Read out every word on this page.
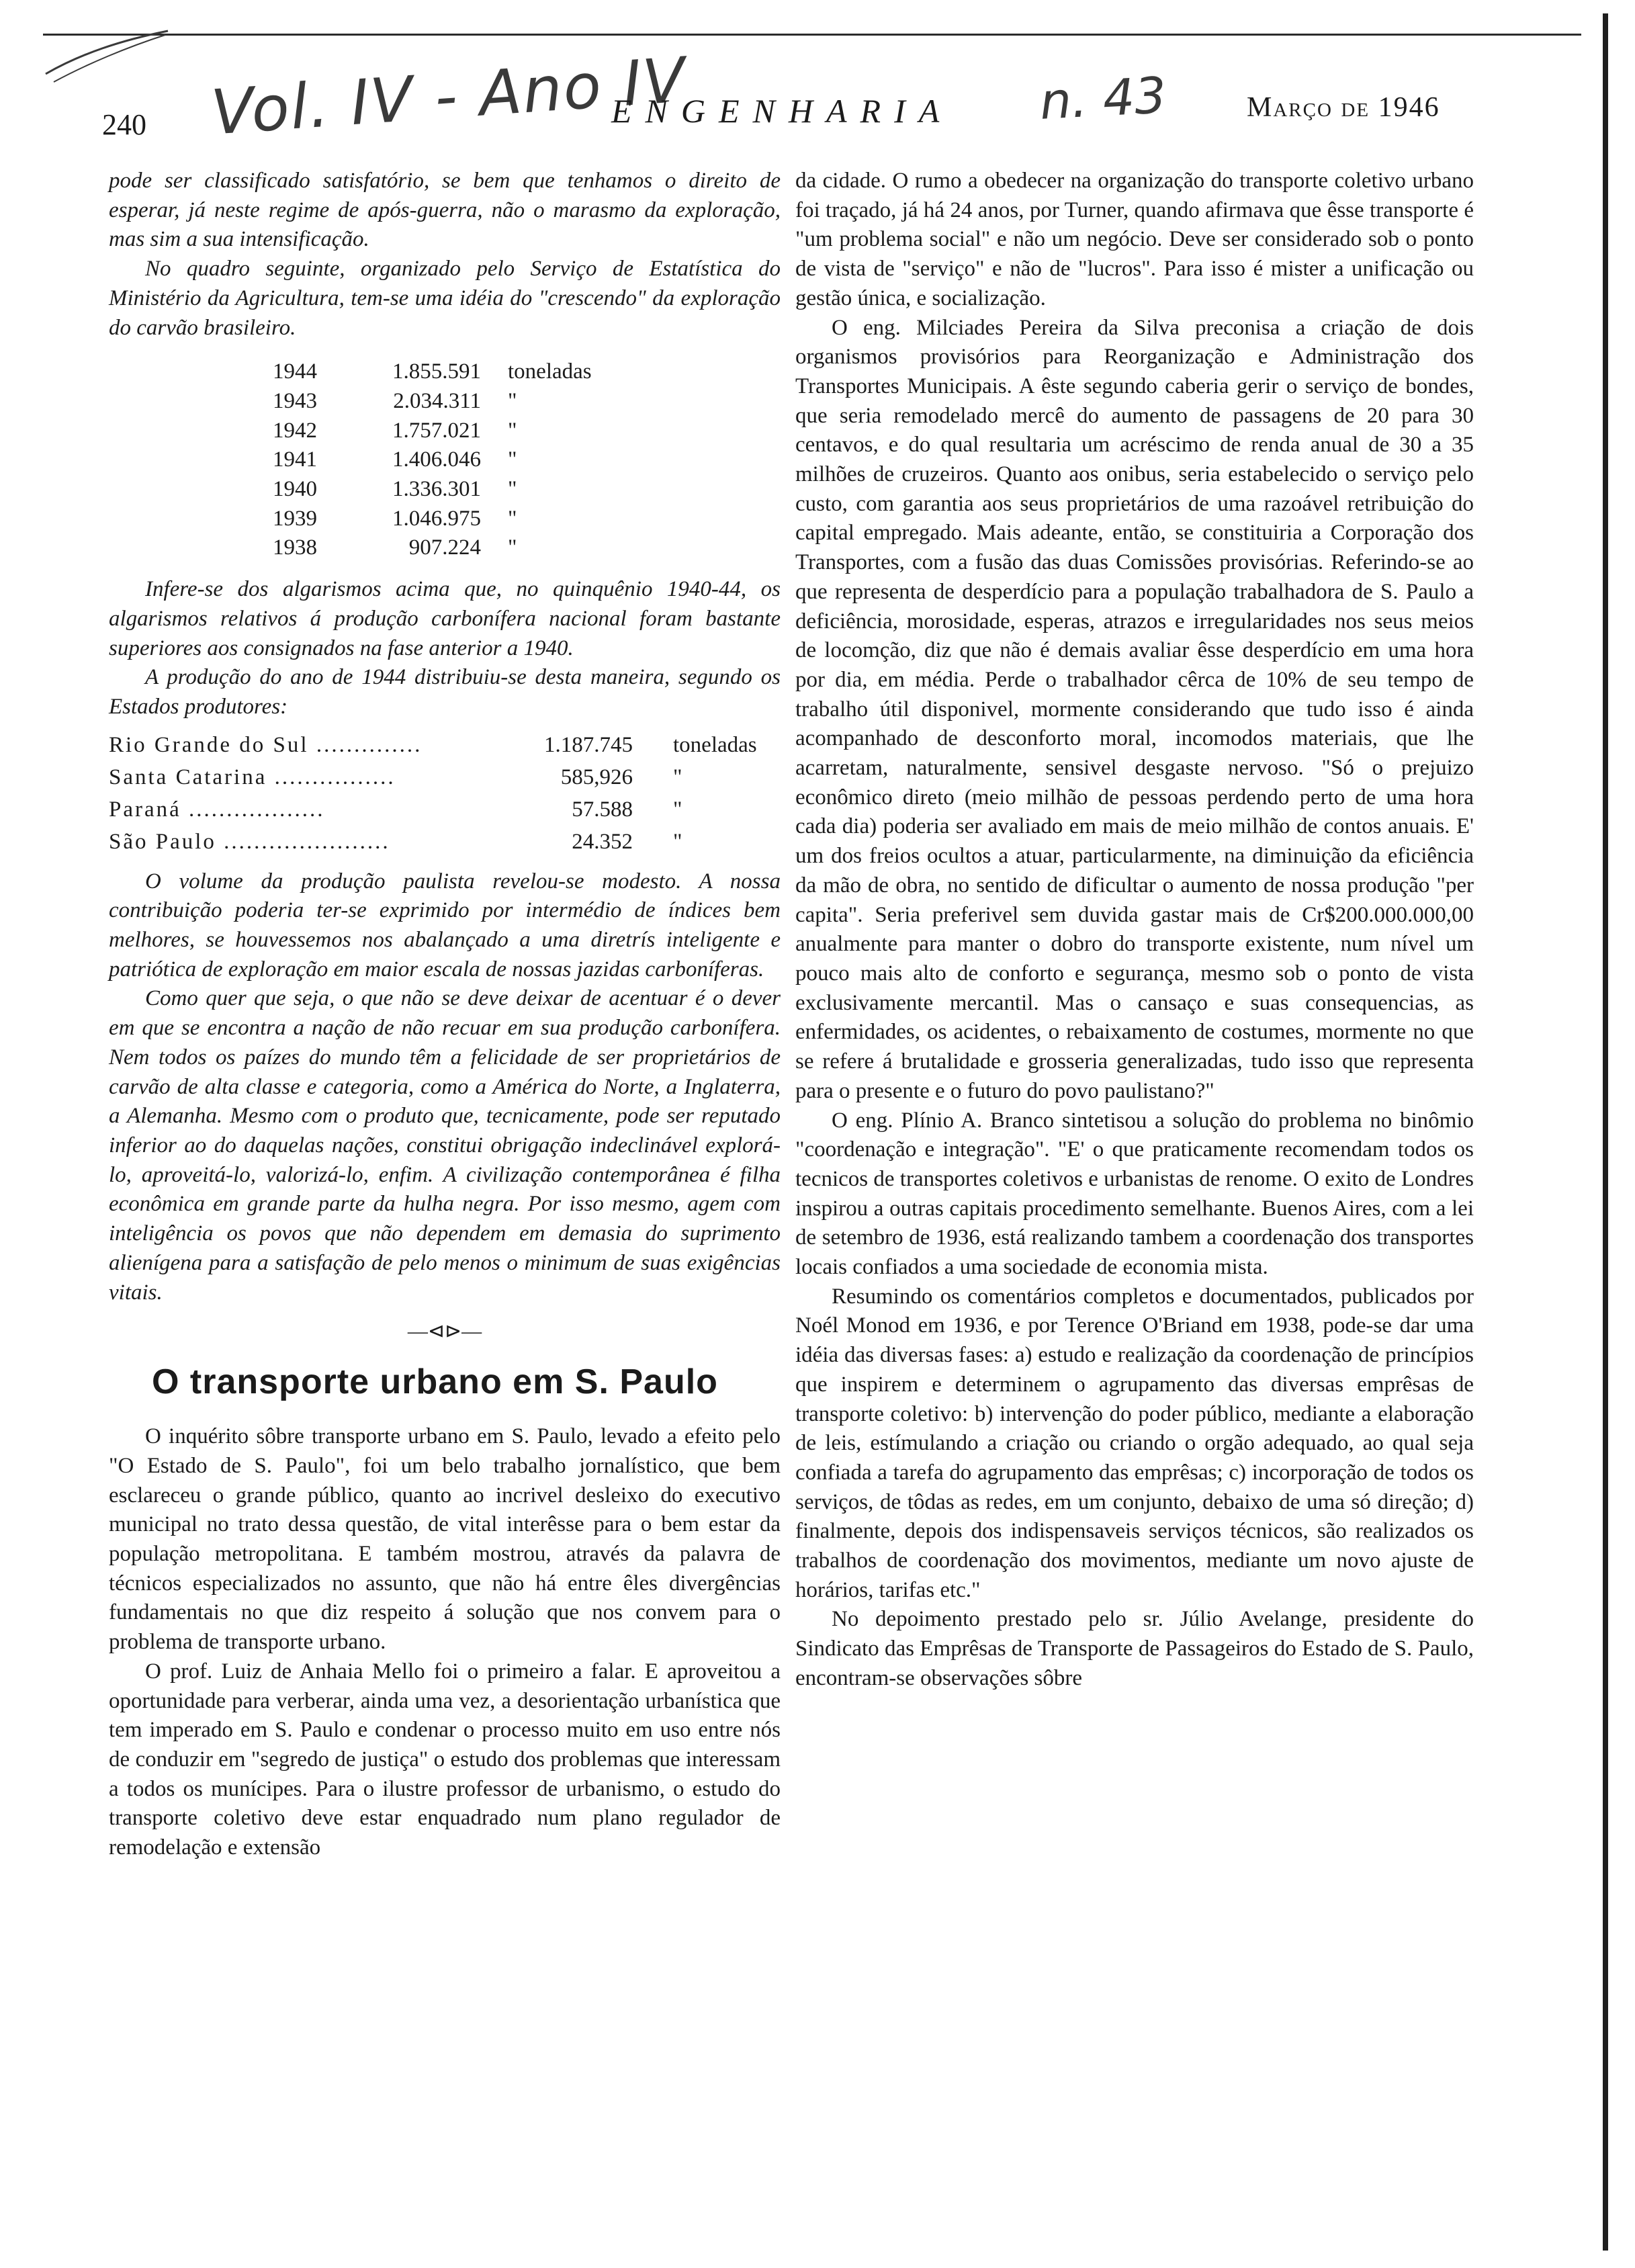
240 Vol. IV - Ano IV
ENGENHARIA n. 43	Março de 1946

pode ser classificado satisfatório, se bem que tenhamos o direito de esperar, já neste regime de após-guerra, não o marasmo da exploração, mas sim a sua intensificação.

No quadro seguinte, organizado pelo Serviço de Estatística do Ministério da Agricultura, tem-se uma idéia do "crescendo" da exploração do carvão brasileiro.

1944	1.855.591	toneladas
1943	2.034.311	"
1942	1.757.021	"
1941	1.406.046	"
1940	1.336.301	"
1939	1.046.975	"
1938	907.224	"

Infere-se dos algarismos acima que, no quinquênio 1940-44, os algarismos relativos á produção carbonífera nacional foram bastante superiores aos consignados na fase anterior a 1940.

A produção do ano de 1944 distribuiu-se desta maneira, segundo os Estados produtores:

Rio Grande do Sul ..............	1.187.745	toneladas
Santa Catarina ................	585,926	"
Paraná ..................	57.588	"
São Paulo ......................	24.352	"

O volume da produção paulista revelou-se modesto. A nossa contribuição poderia ter-se exprimido por intermédio de índices bem melhores, se houvessemos nos abalançado a uma diretrís inteligente e patriótica de exploração em maior escala de nossas jazidas carboníferas.

Como quer que seja, o que não se deve deixar de acentuar é o dever em que se encontra a nação de não recuar em sua produção carbonífera. Nem todos os paízes do mundo têm a felicidade de ser proprietários de carvão de alta classe e categoria, como a América do Norte, a Inglaterra, a Alemanha. Mesmo com o produto que, tecnicamente, pode ser reputado inferior ao do daquelas nações, constitui obrigação indeclinável explorá-lo, aproveitá-lo, valorizá-lo, enfim. A civilização contemporânea é filha econômica em grande parte da hulha negra. Por isso mesmo, agem com inteligência os povos que não dependem em demasia do suprimento alienígena para a satisfação de pelo menos o minimum de suas exigências vitais.

—⊲⊳—
O transporte urbano em S. Paulo

O inquérito sôbre transporte urbano em S. Paulo, levado a efeito pelo "O Estado de S. Paulo", foi um belo trabalho jornalístico, que bem esclareceu o grande público, quanto ao incrivel desleixo do executivo municipal no trato dessa questão, de vital interêsse para o bem estar da população metropolitana. E também mostrou, através da palavra de técnicos especializados no assunto, que não há entre êles divergências fundamentais no que diz respeito á solução que nos convem para o problema de transporte urbano.

O prof. Luiz de Anhaia Mello foi o primeiro a falar. E aproveitou a oportunidade para verberar, ainda uma vez, a desorientação urbanística que tem imperado em S. Paulo e condenar o processo muito em uso entre nós de conduzir em "segredo de justiça" o estudo dos problemas que interessam a todos os munícipes. Para o ilustre professor de urbanismo, o estudo do transporte coletivo deve estar enquadrado num plano regulador de remodelação e extensão

da cidade. O rumo a obedecer na organização do transporte coletivo urbano foi traçado, já há 24 anos, por Turner, quando afirmava que êsse transporte é "um problema social" e não um negócio. Deve ser considerado sob o ponto de vista de "serviço" e não de "lucros". Para isso é mister a unificação ou gestão única, e socialização.

O eng. Milciades Pereira da Silva preconisa a criação de dois organismos provisórios para Reorganização e Administração dos Transportes Municipais. A êste segundo caberia gerir o serviço de bondes, que seria remodelado mercê do aumento de passagens de 20 para 30 centavos, e do qual resultaria um acréscimo de renda anual de 30 a 35 milhões de cruzeiros. Quanto aos onibus, seria estabelecido o serviço pelo custo, com garantia aos seus proprietários de uma razoável retribuição do capital empregado. Mais adeante, então, se constituiria a Corporação dos Transportes, com a fusão das duas Comissões provisórias. Referindo-se ao que representa de desperdício para a população trabalhadora de S. Paulo a deficiência, morosidade, esperas, atrazos e irregularidades nos seus meios de locomção, diz que não é demais avaliar êsse desperdício em uma hora por dia, em média. Perde o trabalhador cêrca de 10% de seu tempo de trabalho útil disponivel, mormente considerando que tudo isso é ainda acompanhado de desconforto moral, incomodos materiais, que lhe acarretam, naturalmente, sensivel desgaste nervoso. "Só o prejuizo econômico direto (meio milhão de pessoas perdendo perto de uma hora cada dia) poderia ser avaliado em mais de meio milhão de contos anuais. E' um dos freios ocultos a atuar, particularmente, na diminuição da eficiência da mão de obra, no sentido de dificultar o aumento de nossa produção "per capita". Seria preferivel sem duvida gastar mais de Cr$200.000.000,00 anualmente para manter o dobro do transporte existente, num nível um pouco mais alto de conforto e segurança, mesmo sob o ponto de vista exclusivamente mercantil. Mas o cansaço e suas consequencias, as enfermidades, os acidentes, o rebaixamento de costumes, mormente no que se refere á brutalidade e grosseria generalizadas, tudo isso que representa para o presente e o futuro do povo paulistano?"

O eng. Plínio A. Branco sintetisou a solução do problema no binômio "coordenação e integração". "E' o que praticamente recomendam todos os tecnicos de transportes coletivos e urbanistas de renome. O exito de Londres inspirou a outras capitais procedimento semelhante. Buenos Aires, com a lei de setembro de 1936, está realizando tambem a coordenação dos transportes locais confiados a uma sociedade de economia mista.

Resumindo os comentários completos e documentados, publicados por Noél Monod em 1936, e por Terence O'Briand em 1938, pode-se dar uma idéia das diversas fases: a) estudo e realização da coordenação de princípios que inspirem e determinem o agrupamento das diversas emprêsas de transporte coletivo: b) intervenção do poder público, mediante a elaboração de leis, estímulando a criação ou criando o orgão adequado, ao qual seja confiada a tarefa do agrupamento das emprêsas; c) incorporação de todos os serviços, de tôdas as redes, em um conjunto, debaixo de uma só direção; d) finalmente, depois dos indispensaveis serviços técnicos, são realizados os trabalhos de coordenação dos movimentos, mediante um novo ajuste de horários, tarifas etc."

No depoimento prestado pelo sr. Júlio Avelange, presidente do Sindicato das Emprêsas de Transporte de Passageiros do Estado de S. Paulo, encontram-se observações sôbre
